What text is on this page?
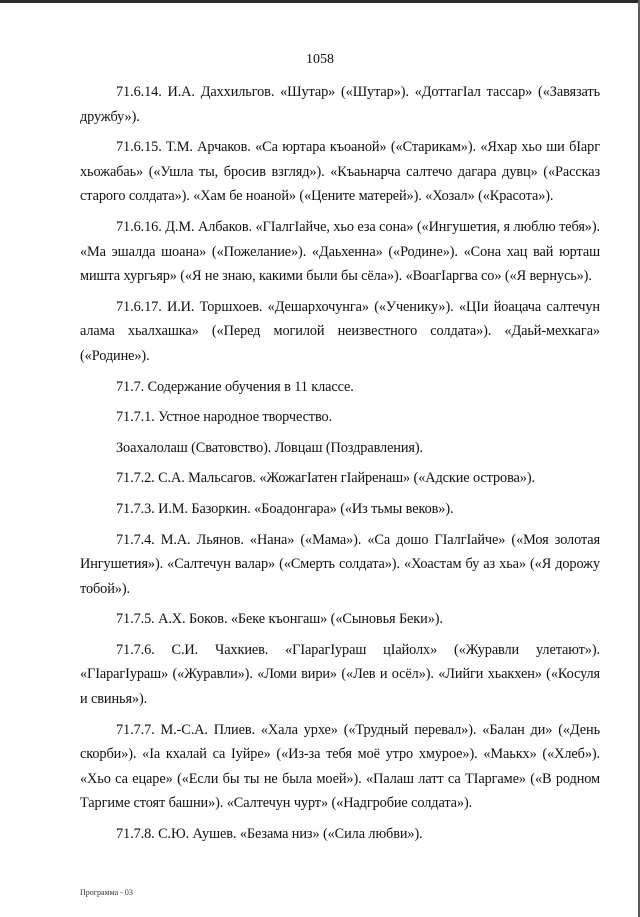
1058

71.6.14. И.А. Даххильгов. «Шутар» («Шутар»). «ДоттагІал тассар» («Завязать дружбу»).

71.6.15. Т.М. Арчаков. «Са юртара къоаной» («Старикам»). «Яхар хьо ши бІарг хьожабаь» («Ушла ты, бросив взгляд»). «Къаьнарча салтечо дагара дувц» («Рассказ старого солдата»). «Хам бе ноаной» («Цените матерей»). «Хозал» («Красота»).

71.6.16. Д.М. Албаков. «ГІалгІайче, хьо еза сона» («Ингушетия, я люблю тебя»). «Ма эшалда шоана» («Пожелание»). «Даьхенна» («Родине»). «Сона хац вай юрташ мишта хургьяр» («Я не знаю, какими были бы сёла»). «ВоагІаргва со» («Я вернусь»).

71.6.17. И.И. Торшхоев. «Дешархочунга» («Ученику»). «ЦІи йоацача салтечун алама хьалхашка» («Перед могилой неизвестного солдата»). «Даьй-мехкага» («Родине»).

71.7. Содержание обучения в 11 классе.

71.7.1. Устное народное творчество.

Зоахалолаш (Сватовство). Ловцаш (Поздравления).

71.7.2. С.А. Мальсагов. «ЖожагІатен гІайренаш» («Адские острова»).

71.7.3. И.М. Базоркин. «Боадонгара» («Из тьмы веков»).

71.7.4. М.А. Льянов. «Нана» («Мама»). «Са дошо ГІалгІайче» («Моя золотая Ингушетия»). «Салтечун валар» («Смерть солдата»). «Хоастам бу аз хьа» («Я дорожу тобой»).

71.7.5. А.Х. Боков. «Беке къонгаш» («Сыновья Беки»).

71.7.6. С.И. Чахкиев. «ГІарагІураш цІайолх» («Журавли улетают»). «ГІарагІураш» («Журавли»). «Ломи вири» («Лев и осёл»). «Лийги хьакхен» («Косуля и свинья»).

71.7.7. М.-С.А. Плиев. «Хала урхе» («Трудный перевал»). «Балан ди» («День скорби»). «Іа кхалай са Іуйре» («Из-за тебя моё утро хмурое»). «Маькх» («Хлеб»). «Хьо са ецаре» («Если бы ты не была моей»). «Палаш латт са ТІаргаме» («В родном Таргиме стоят башни»). «Салтечун чурт» («Надгробие солдата»).

71.7.8. С.Ю. Аушев. «Безама низ» («Сила любви»).

Программа - 03
